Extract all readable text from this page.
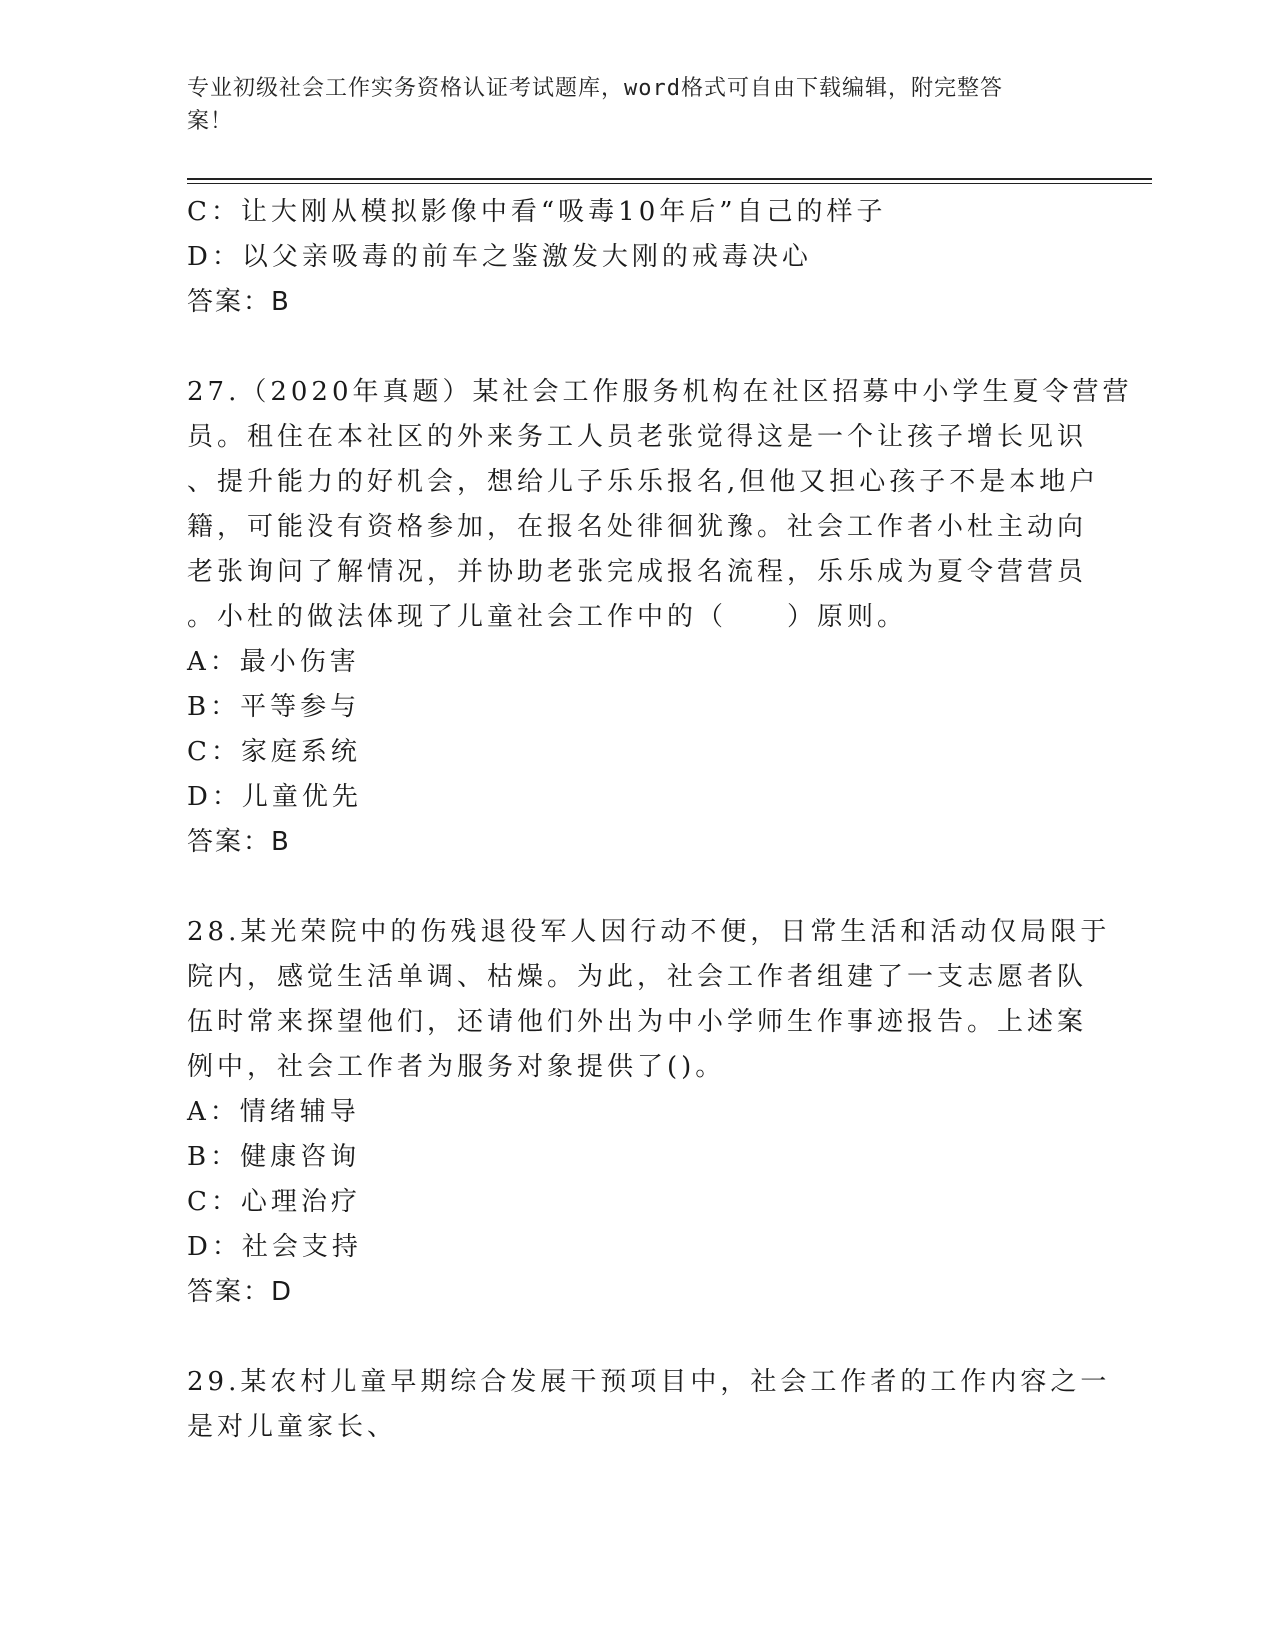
专业初级社会工作实务资格认证考试题库，word格式可自由下载编辑，附完整答
案！
C：让大刚从模拟影像中看“吸毒10年后”自己的样子
D：以父亲吸毒的前车之鉴激发大刚的戒毒决心
答案：B
27.（2020年真题）某社会工作服务机构在社区招募中小学生夏令营营
员。租住在本社区的外来务工人员老张觉得这是一个让孩子增长见识
、提升能力的好机会，想给儿子乐乐报名,但他又担心孩子不是本地户
籍，可能没有资格参加，在报名处徘徊犹豫。社会工作者小杜主动向
老张询问了解情况，并协助老张完成报名流程，乐乐成为夏令营营员
。小杜的做法体现了儿童社会工作中的（　　）原则。
A：最小伤害
B：平等参与
C：家庭系统
D：儿童优先
答案：B
28.某光荣院中的伤残退役军人因行动不便，日常生活和活动仅局限于
院内，感觉生活单调、枯燥。为此，社会工作者组建了一支志愿者队
伍时常来探望他们，还请他们外出为中小学师生作事迹报告。上述案
例中，社会工作者为服务对象提供了()。
A：情绪辅导
B：健康咨询
C：心理治疗
D：社会支持
答案：D
29.某农村儿童早期综合发展干预项目中，社会工作者的工作内容之一
是对儿童家长、
